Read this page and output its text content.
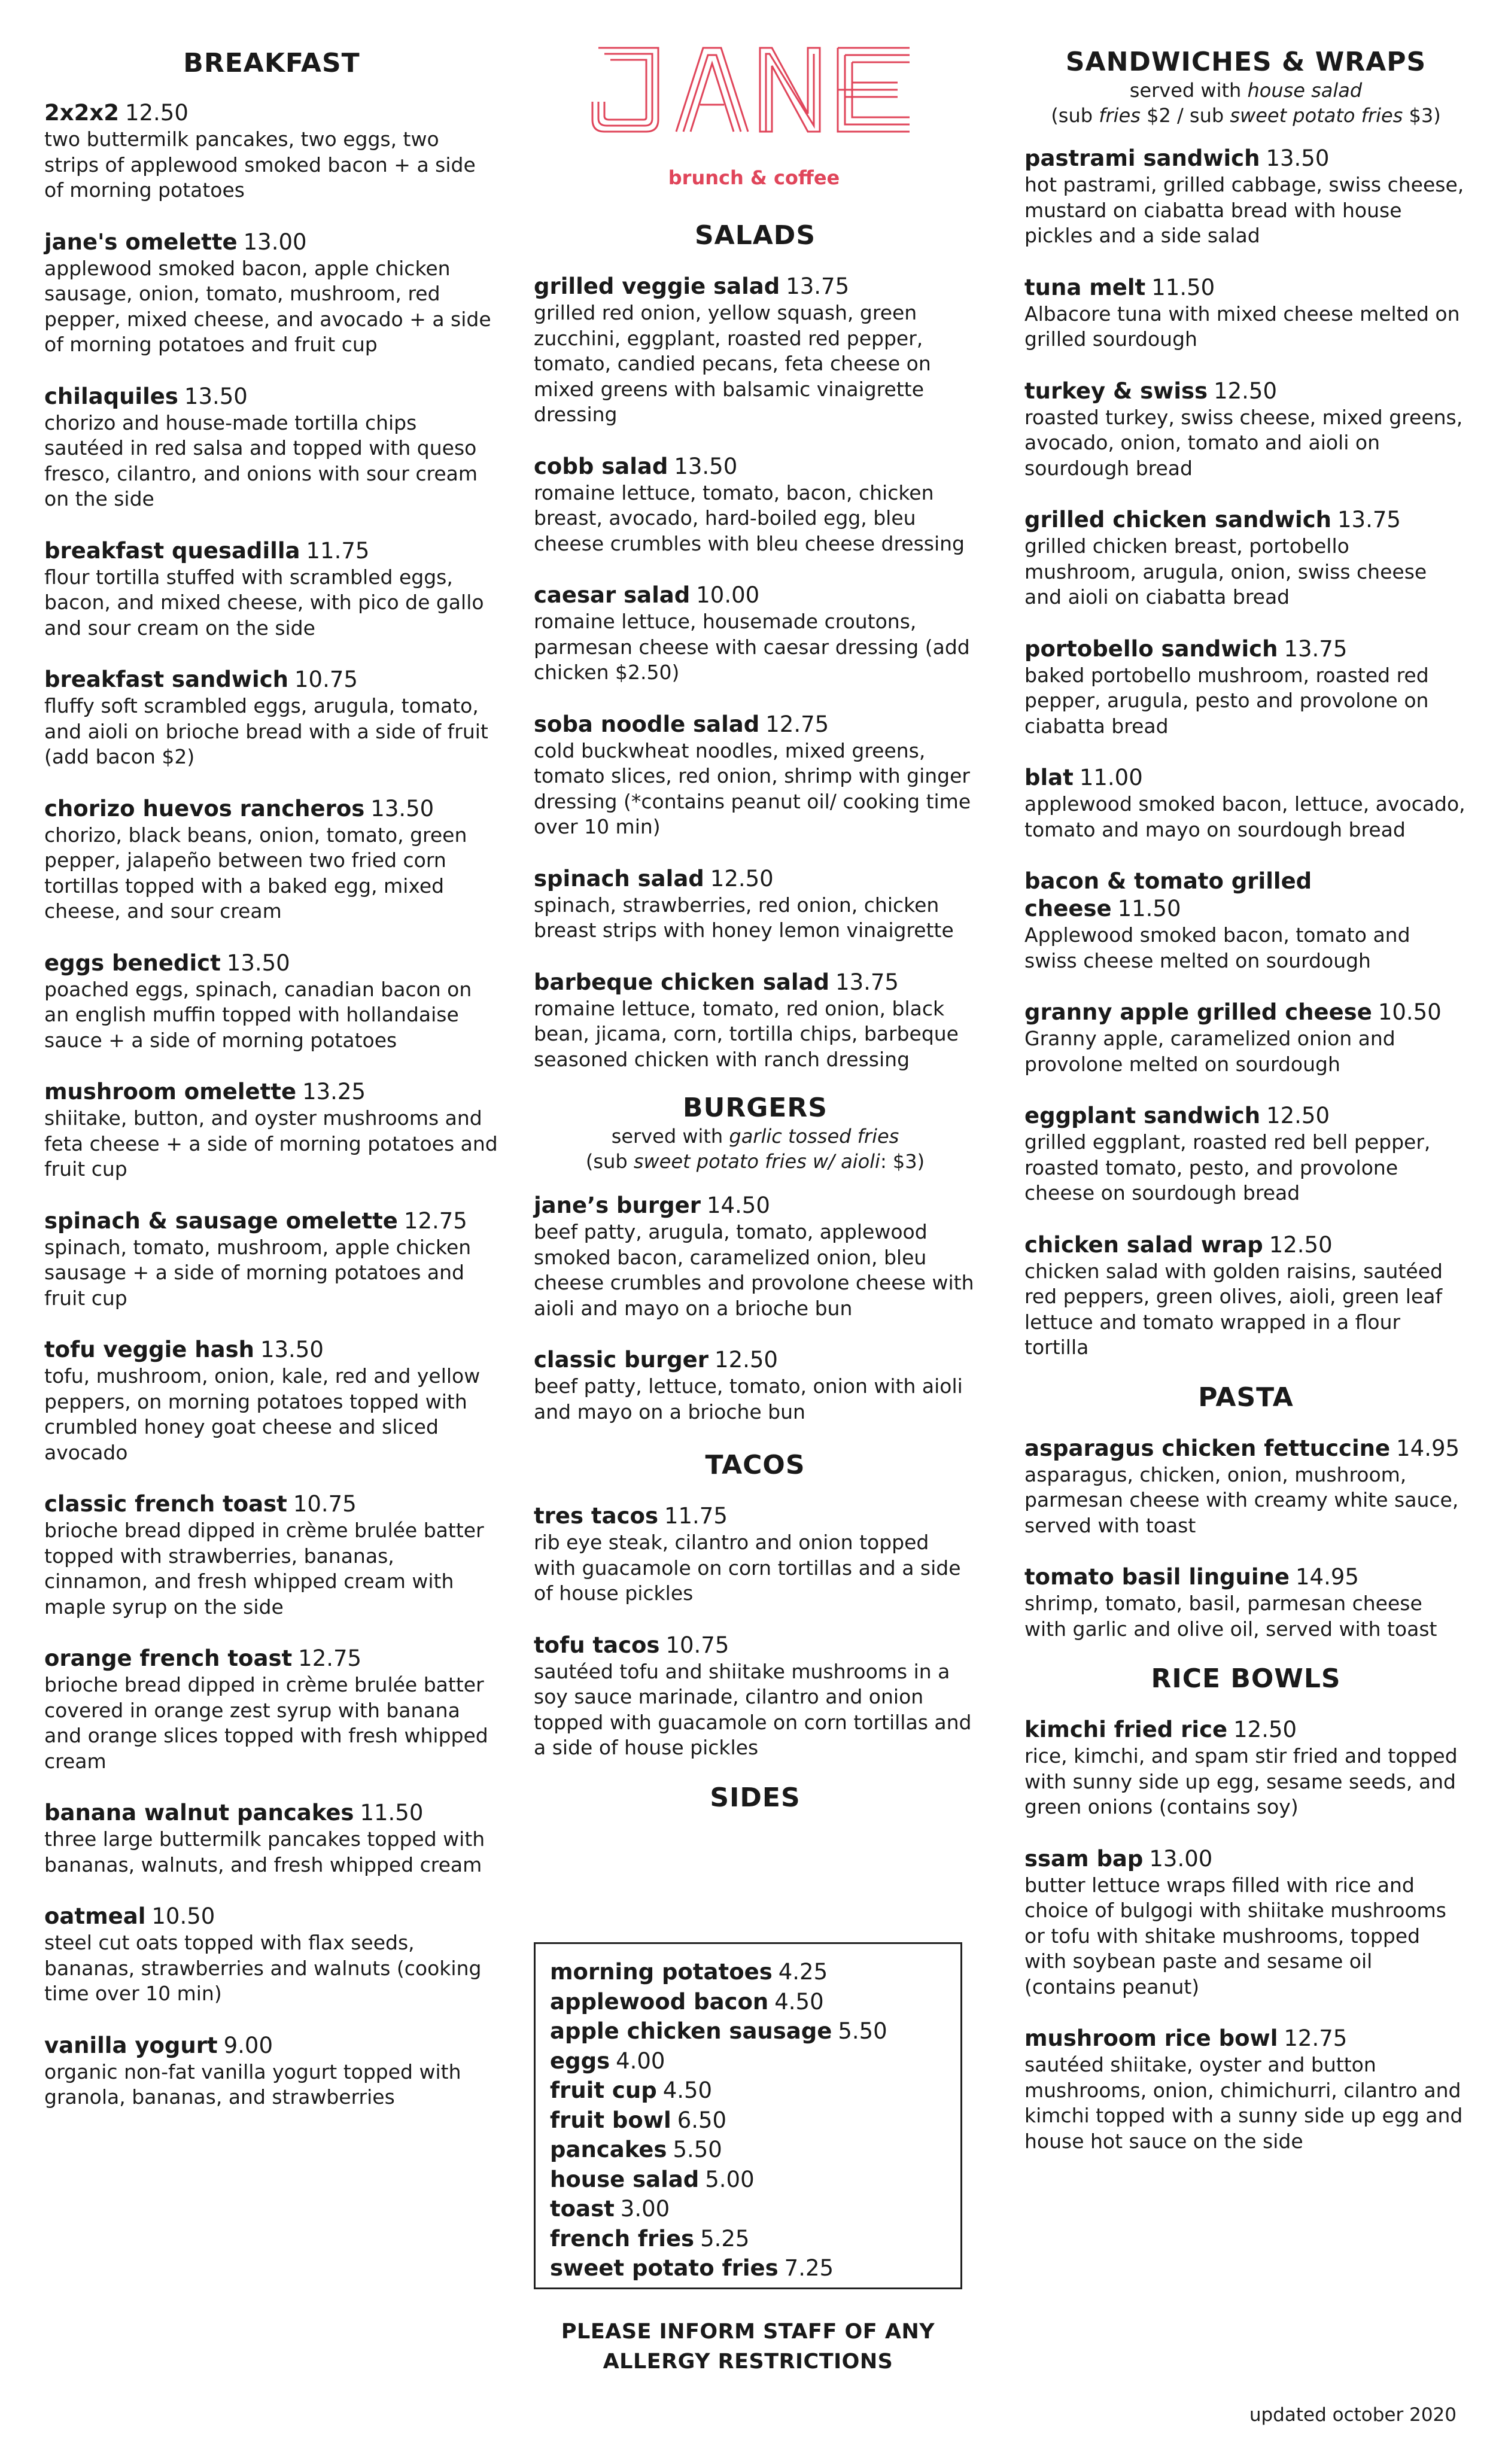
brunch & coffee
BREAKFAST
2x2x2 12.50
two buttermilk pancakes, two eggs, two strips of applewood smoked bacon + a side of morning potatoes
jane's omelette 13.00
applewood smoked bacon, apple chicken sausage, onion, tomato, mushroom, red pepper, mixed cheese, and avocado + a side of morning potatoes and fruit cup
chilaquiles 13.50
chorizo and house-made tortilla chips sautéed in red salsa and topped with queso fresco, cilantro, and onions with sour cream on the side
breakfast quesadilla 11.75
flour tortilla stuffed with scrambled eggs, bacon, and mixed cheese, with pico de gallo and sour cream on the side
breakfast sandwich 10.75
fluffy soft scrambled eggs, arugula, tomato, and aioli on brioche bread with a side of fruit (add bacon $2)
chorizo huevos rancheros 13.50
chorizo, black beans, onion, tomato, green pepper, jalapeño between two fried corn tortillas topped with a baked egg, mixed cheese, and sour cream
eggs benedict 13.50
poached eggs, spinach, canadian bacon on an english muffin topped with hollandaise sauce + a side of morning potatoes
mushroom omelette 13.25
shiitake, button, and oyster mushrooms and feta cheese + a side of morning potatoes and fruit cup
spinach & sausage omelette 12.75
spinach, tomato, mushroom, apple chicken sausage + a side of morning potatoes and fruit cup
tofu veggie hash 13.50
tofu, mushroom, onion, kale, red and yellow peppers, on morning potatoes topped with crumbled honey goat cheese and sliced avocado
classic french toast 10.75
brioche bread dipped in crème brulée batter topped with strawberries, bananas, cinnamon, and fresh whipped cream with maple syrup on the side
orange french toast 12.75
brioche bread dipped in crème brulée batter covered in orange zest syrup with banana and orange slices topped with fresh whipped cream
banana walnut pancakes 11.50
three large buttermilk pancakes topped with bananas, walnuts, and fresh whipped cream
oatmeal 10.50
steel cut oats topped with flax seeds, bananas, strawberries and walnuts (cooking time over 10 min)
vanilla yogurt 9.00
organic non-fat vanilla yogurt topped with granola, bananas, and strawberries
SALADS
grilled veggie salad 13.75
grilled red onion, yellow squash, green zucchini, eggplant, roasted red pepper, tomato, candied pecans, feta cheese on mixed greens with balsamic vinaigrette dressing
cobb salad 13.50
romaine lettuce, tomato, bacon, chicken breast, avocado, hard-boiled egg, bleu cheese crumbles with bleu cheese dressing
caesar salad 10.00
romaine lettuce, housemade croutons, parmesan cheese with caesar dressing (add chicken $2.50)
soba noodle salad 12.75
cold buckwheat noodles, mixed greens, tomato slices, red onion, shrimp with ginger dressing (*contains peanut oil/ cooking time over 10 min)
spinach salad 12.50
spinach, strawberries, red onion, chicken breast strips with honey lemon vinaigrette
barbeque chicken salad 13.75
romaine lettuce, tomato, red onion, black bean, jicama, corn, tortilla chips, barbeque seasoned chicken with ranch dressing
BURGERS
served with garlic tossed fries
(sub sweet potato fries w/ aioli: $3)
jane’s burger 14.50
beef patty, arugula, tomato, applewood smoked bacon, caramelized onion, bleu cheese crumbles and provolone cheese with aioli and mayo on a brioche bun
classic burger 12.50
beef patty, lettuce, tomato, onion with aioli and mayo on a brioche bun
TACOS
tres tacos 11.75
rib eye steak, cilantro and onion topped with guacamole on corn tortillas and a side of house pickles
tofu tacos 10.75
sautéed tofu and shiitake mushrooms in a soy sauce marinade, cilantro and onion topped with guacamole on corn tortillas and a side of house pickles
SIDES
morning potatoes 4.25
applewood bacon 4.50
apple chicken sausage 5.50
eggs 4.00
fruit cup 4.50
fruit bowl 6.50
pancakes 5.50
house salad 5.00
toast 3.00
french fries 5.25
sweet potato fries 7.25
PLEASE INFORM STAFF OF ANY
ALLERGY RESTRICTIONS
SANDWICHES & WRAPS
served with house salad
(sub fries $2 / sub sweet potato fries $3)
pastrami sandwich 13.50
hot pastrami, grilled cabbage, swiss cheese, mustard on ciabatta bread with house pickles and a side salad
tuna melt 11.50
Albacore tuna with mixed cheese melted on grilled sourdough
turkey & swiss 12.50
roasted turkey, swiss cheese, mixed greens, avocado, onion, tomato and aioli on sourdough bread
grilled chicken sandwich 13.75
grilled chicken breast, portobello mushroom, arugula, onion, swiss cheese and aioli on ciabatta bread
portobello sandwich 13.75
baked portobello mushroom, roasted red pepper, arugula, pesto and provolone on ciabatta bread
blat 11.00
applewood smoked bacon, lettuce, avocado, tomato and mayo on sourdough bread
bacon & tomato grilled cheese 11.50
Applewood smoked bacon, tomato and swiss cheese melted on sourdough
granny apple grilled cheese 10.50
Granny apple, caramelized onion and provolone melted on sourdough
eggplant sandwich 12.50
grilled eggplant, roasted red bell pepper, roasted tomato, pesto, and provolone cheese on sourdough bread
chicken salad wrap 12.50
chicken salad with golden raisins, sautéed red peppers, green olives, aioli, green leaf lettuce and tomato wrapped in a flour tortilla
PASTA
asparagus chicken fettuccine 14.95
asparagus, chicken, onion, mushroom, parmesan cheese with creamy white sauce, served with toast
tomato basil linguine 14.95
shrimp, tomato, basil, parmesan cheese with garlic and olive oil, served with toast
RICE BOWLS
kimchi fried rice 12.50
rice, kimchi, and spam stir fried and topped with sunny side up egg, sesame seeds, and green onions (contains soy)
ssam bap 13.00
butter lettuce wraps filled with rice and choice of bulgogi with shiitake mushrooms or tofu with shitake mushrooms, topped with soybean paste and sesame oil (contains peanut)
mushroom rice bowl 12.75
sautéed shiitake, oyster and button mushrooms, onion, chimichurri, cilantro and kimchi topped with a sunny side up egg and house hot sauce on the side
updated october 2020
